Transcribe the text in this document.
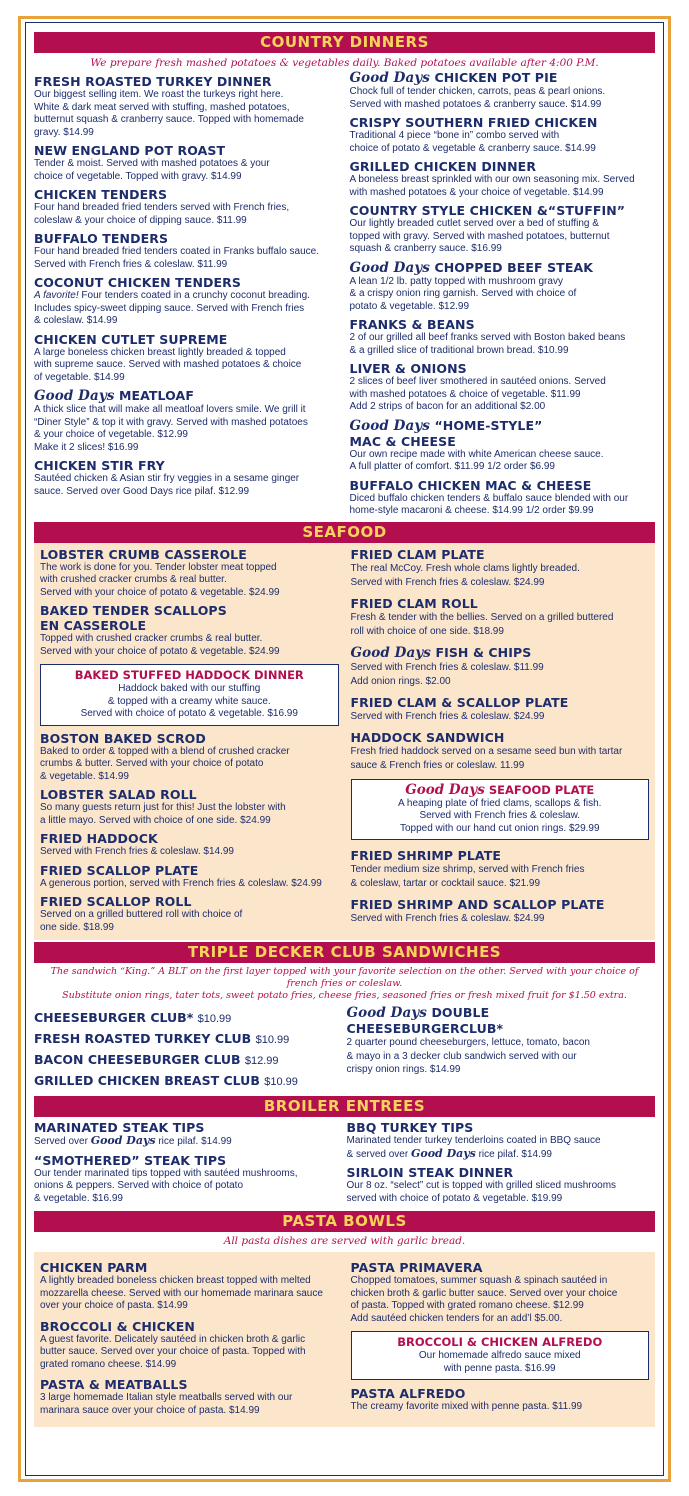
COUNTRY DINNERS
We prepare fresh mashed potatoes & vegetables daily. Baked potatoes available after 4:00 P.M.
FRESH ROASTED TURKEY DINNER
Our biggest selling item. We roast the turkeys right here.
White & dark meat served with stuffing, mashed potatoes,
butternut squash & cranberry sauce. Topped with homemade
gravy. $14.99
NEW ENGLAND POT ROAST
Tender & moist. Served with mashed potatoes & your
choice of vegetable. Topped with gravy. $14.99
CHICKEN TENDERS
Four hand breaded fried tenders served with French fries,
coleslaw & your choice of dipping sauce. $11.99
BUFFALO TENDERS
Four hand breaded fried tenders coated in Franks buffalo sauce.
Served with French fries & coleslaw. $11.99
COCONUT CHICKEN TENDERS
A favorite! Four tenders coated in a crunchy coconut breading.
Includes spicy-sweet dipping sauce. Served with French fries
& coleslaw. $14.99
CHICKEN CUTLET SUPREME
A large boneless chicken breast lightly breaded & topped
with supreme sauce. Served with mashed potatoes & choice
of vegetable. $14.99
Good Days MEATLOAF
A thick slice that will make all meatloaf lovers smile. We grill it
“Diner Style” & top it with gravy. Served with mashed potatoes
& your choice of vegetable. $12.99
Make it 2 slices! $16.99
CHICKEN STIR FRY
Sautéed chicken & Asian stir fry veggies in a sesame ginger
sauce. Served over Good Days rice pilaf. $12.99
Good Days CHICKEN POT PIE
Chock full of tender chicken, carrots, peas & pearl onions.
Served with mashed potatoes & cranberry sauce. $14.99
CRISPY SOUTHERN FRIED CHICKEN
Traditional 4 piece “bone in” combo served with
choice of potato & vegetable & cranberry sauce. $14.99
GRILLED CHICKEN DINNER
A boneless breast sprinkled with our own seasoning mix. Served
with mashed potatoes & your choice of vegetable. $14.99
COUNTRY STYLE CHICKEN &“STUFFIN”
Our lightly breaded cutlet served over a bed of stuffing &
topped with gravy. Served with mashed potatoes, butternut
squash & cranberry sauce. $16.99
Good Days CHOPPED BEEF STEAK
A lean 1/2 lb. patty topped with mushroom gravy
& a crispy onion ring garnish. Served with choice of
potato & vegetable. $12.99
FRANKS & BEANS
2 of our grilled all beef franks served with Boston baked beans
& a grilled slice of traditional brown bread. $10.99
LIVER & ONIONS
2 slices of beef liver smothered in sautéed onions. Served
with mashed potatoes & choice of vegetable. $11.99
Add 2 strips of bacon for an additional $2.00
Good Days “HOME-STYLE”
MAC & CHEESE
Our own recipe made with white American cheese sauce.
A full platter of comfort. $11.99 1/2 order $6.99
BUFFALO CHICKEN MAC & CHEESE
Diced buffalo chicken tenders & buffalo sauce blended with our
home-style macaroni & cheese. $14.99 1/2 order $9.99
SEAFOOD
LOBSTER CRUMB CASSEROLE
The work is done for you. Tender lobster meat topped
with crushed cracker crumbs & real butter.
Served with your choice of potato & vegetable. $24.99
BAKED TENDER SCALLOPS
EN CASSEROLE
Topped with crushed cracker crumbs & real butter.
Served with your choice of potato & vegetable. $24.99
BAKED STUFFED HADDOCK DINNER
Haddock baked with our stuffing
& topped with a creamy white sauce.
Served with choice of potato & vegetable. $16.99
BOSTON BAKED SCROD
Baked to order & topped with a blend of crushed cracker
crumbs & butter. Served with your choice of potato
& vegetable. $14.99
LOBSTER SALAD ROLL
So many guests return just for this! Just the lobster with
a little mayo. Served with choice of one side. $24.99
FRIED HADDOCK
Served with French fries & coleslaw. $14.99
FRIED SCALLOP PLATE
A generous portion, served with French fries & coleslaw. $24.99
FRIED SCALLOP ROLL
Served on a grilled buttered roll with choice of
one side. $18.99
FRIED CLAM PLATE
The real McCoy. Fresh whole clams lightly breaded.
Served with French fries & coleslaw. $24.99
FRIED CLAM ROLL
Fresh & tender with the bellies. Served on a grilled buttered
roll with choice of one side. $18.99
Good Days FISH & CHIPS
Served with French fries & coleslaw. $11.99
Add onion rings. $2.00
FRIED CLAM & SCALLOP PLATE
Served with French fries & coleslaw. $24.99
HADDOCK SANDWICH
Fresh fried haddock served on a sesame seed bun with tartar
sauce & French fries or coleslaw. 11.99
Good Days SEAFOOD PLATE
A heaping plate of fried clams, scallops & fish.
Served with French fries & coleslaw.
Topped with our hand cut onion rings. $29.99
FRIED SHRIMP PLATE
Tender medium size shrimp, served with French fries
& coleslaw, tartar or cocktail sauce. $21.99
FRIED SHRIMP AND SCALLOP PLATE
Served with French fries & coleslaw. $24.99
TRIPLE DECKER CLUB SANDWICHES
The sandwich “King.” A BLT on the first layer topped with your favorite selection on the other. Served with your choice of french fries or coleslaw.
Substitute onion rings, tater tots, sweet potato fries, cheese fries, seasoned fries or fresh mixed fruit for $1.50 extra.
CHEESEBURGER CLUB* $10.99
FRESH ROASTED TURKEY CLUB $10.99
BACON CHEESEBURGER CLUB $12.99
GRILLED CHICKEN BREAST CLUB $10.99
Good Days DOUBLE
CHEESEBURGERCLUB*
2 quarter pound cheeseburgers, lettuce, tomato, bacon
& mayo in a 3 decker club sandwich served with our
crispy onion rings. $14.99
BROILER ENTREES
MARINATED STEAK TIPS
Served over Good Days rice pilaf. $14.99
“SMOTHERED” STEAK TIPS
Our tender marinated tips topped with sautéed mushrooms,
onions & peppers. Served with choice of potato
& vegetable. $16.99
BBQ TURKEY TIPS
Marinated tender turkey tenderloins coated in BBQ sauce
& served over Good Days rice pilaf. $14.99
SIRLOIN STEAK DINNER
Our 8 oz. “select” cut is topped with grilled sliced mushrooms
served with choice of potato & vegetable. $19.99
PASTA BOWLS
All pasta dishes are served with garlic bread.
CHICKEN PARM
A lightly breaded boneless chicken breast topped with melted
mozzarella cheese. Served with our homemade marinara sauce
over your choice of pasta. $14.99
BROCCOLI & CHICKEN
A guest favorite. Delicately sautéed in chicken broth & garlic
butter sauce. Served over your choice of pasta. Topped with
grated romano cheese. $14.99
PASTA & MEATBALLS
3 large homemade Italian style meatballs served with our
marinara sauce over your choice of pasta. $14.99
PASTA PRIMAVERA
Chopped tomatoes, summer squash & spinach sautéed in
chicken broth & garlic butter sauce. Served over your choice
of pasta. Topped with grated romano cheese. $12.99
Add sautéed chicken tenders for an add’l $5.00.
BROCCOLI & CHICKEN ALFREDO
Our homemade alfredo sauce mixed
with penne pasta. $16.99
PASTA ALFREDO
The creamy favorite mixed with penne pasta. $11.99
